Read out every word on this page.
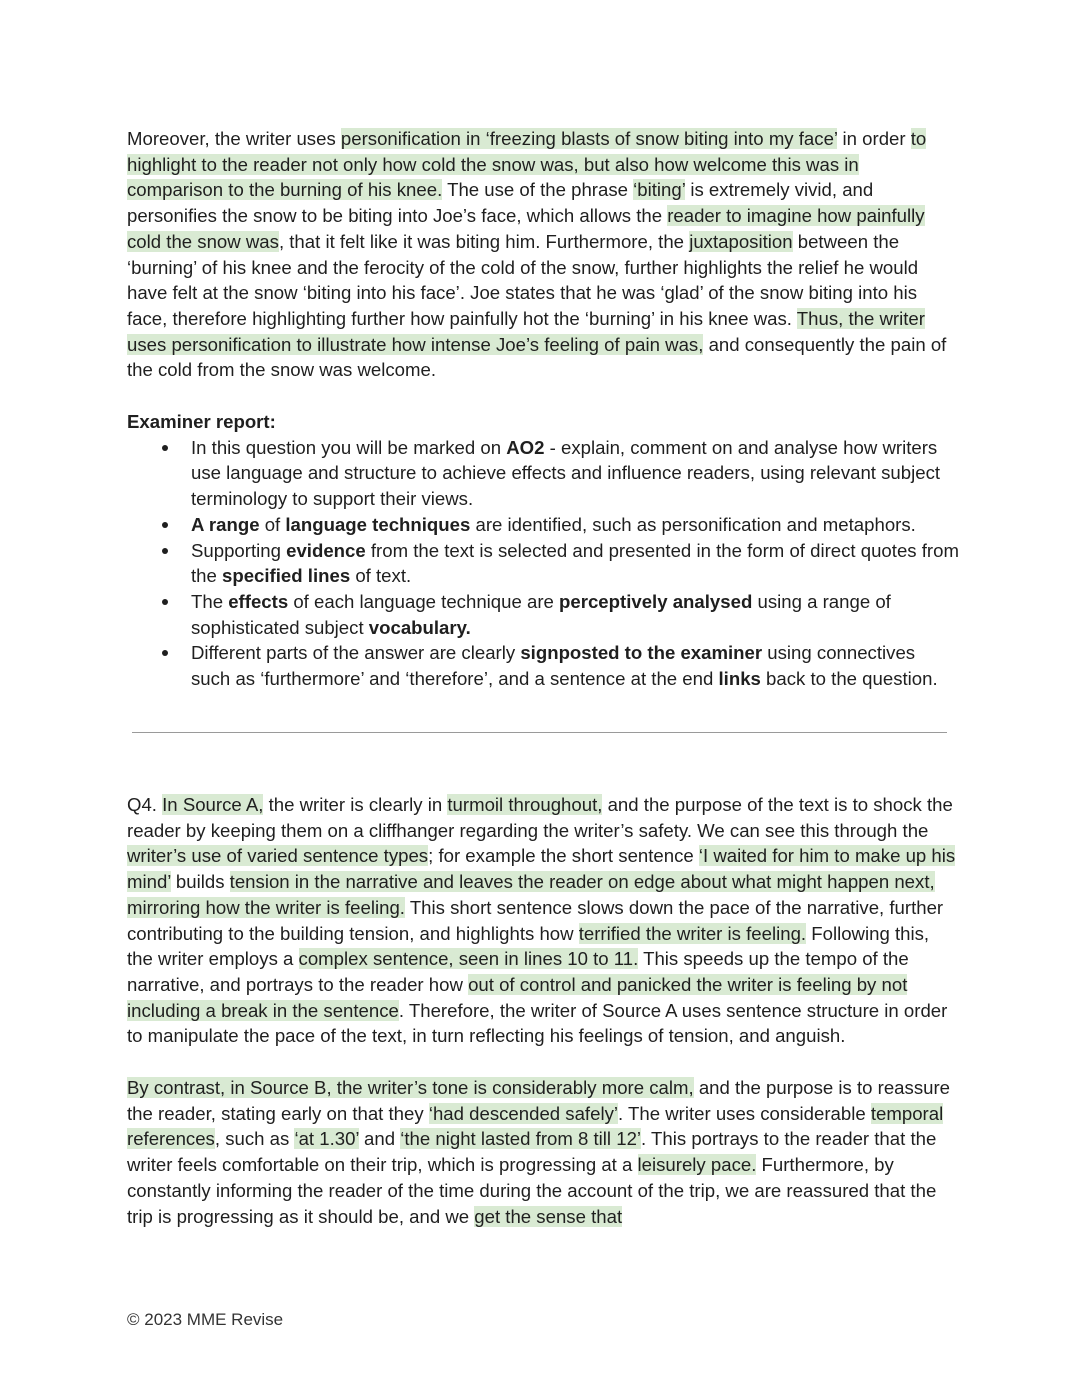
Moreover, the writer uses personification in ‘freezing blasts of snow biting into my face’ in order to highlight to the reader not only how cold the snow was, but also how welcome this was in comparison to the burning of his knee. The use of the phrase ‘biting’ is extremely vivid, and personifies the snow to be biting into Joe’s face, which allows the reader to imagine how painfully cold the snow was, that it felt like it was biting him. Furthermore, the juxtaposition between the ‘burning’ of his knee and the ferocity of the cold of the snow, further highlights the relief he would have felt at the snow ‘biting into his face’. Joe states that he was ‘glad’ of the snow biting into his face, therefore highlighting further how painfully hot the ‘burning’ in his knee was. Thus, the writer uses personification to illustrate how intense Joe’s feeling of pain was, and consequently the pain of the cold from the snow was welcome.

Examiner report:
In this question you will be marked on AO2 - explain, comment on and analyse how writers use language and structure to achieve effects and influence readers, using relevant subject terminology to support their views.
A range of language techniques are identified, such as personification and metaphors.
Supporting evidence from the text is selected and presented in the form of direct quotes from the specified lines of text.
The effects of each language technique are perceptively analysed using a range of sophisticated subject vocabulary.
Different parts of the answer are clearly signposted to the examiner using connectives such as ‘furthermore’ and ‘therefore’, and a sentence at the end links back to the question.

Q4. In Source A, the writer is clearly in turmoil throughout, and the purpose of the text is to shock the reader by keeping them on a cliffhanger regarding the writer’s safety. We can see this through the writer’s use of varied sentence types; for example the short sentence ‘I waited for him to make up his mind’ builds tension in the narrative and leaves the reader on edge about what might happen next, mirroring how the writer is feeling. This short sentence slows down the pace of the narrative, further contributing to the building tension, and highlights how terrified the writer is feeling. Following this, the writer employs a complex sentence, seen in lines 10 to 11. This speeds up the tempo of the narrative, and portrays to the reader how out of control and panicked the writer is feeling by not including a break in the sentence. Therefore, the writer of Source A uses sentence structure in order to manipulate the pace of the text, in turn reflecting his feelings of tension, and anguish.

By contrast, in Source B, the writer’s tone is considerably more calm, and the purpose is to reassure the reader, stating early on that they ‘had descended safely’. The writer uses considerable temporal references, such as ‘at 1.30’ and ‘the night lasted from 8 till 12’. This portrays to the reader that the writer feels comfortable on their trip, which is progressing at a leisurely pace. Furthermore, by constantly informing the reader of the time during the account of the trip, we are reassured that the trip is progressing as it should be, and we get the sense that

© 2023 MME Revise
